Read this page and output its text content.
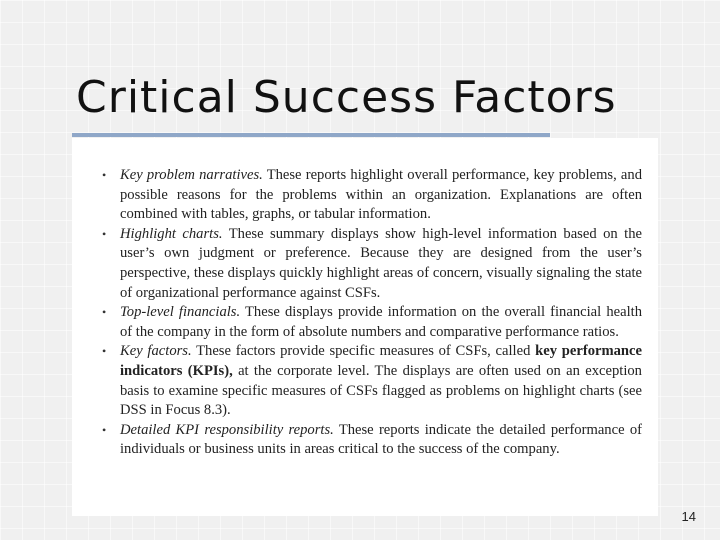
Critical Success Factors
• Key problem narratives. These reports highlight overall performance, key problems, and possible reasons for the problems within an organization. Explanations are often combined with tables, graphs, or tabular information.
• Highlight charts. These summary displays show high-level information based on the user’s own judgment or preference. Because they are designed from the user’s perspective, these displays quickly highlight areas of concern, visually signaling the state of organizational performance against CSFs.
• Top-level financials. These displays provide information on the overall financial health of the company in the form of absolute numbers and comparative performance ratios.
• Key factors. These factors provide specific measures of CSFs, called key performance indicators (KPIs), at the corporate level. The displays are often used on an exception basis to examine specific measures of CSFs flagged as problems on highlight charts (see DSS in Focus 8.3).
• Detailed KPI responsibility reports. These reports indicate the detailed performance of individuals or business units in areas critical to the success of the company.
14
